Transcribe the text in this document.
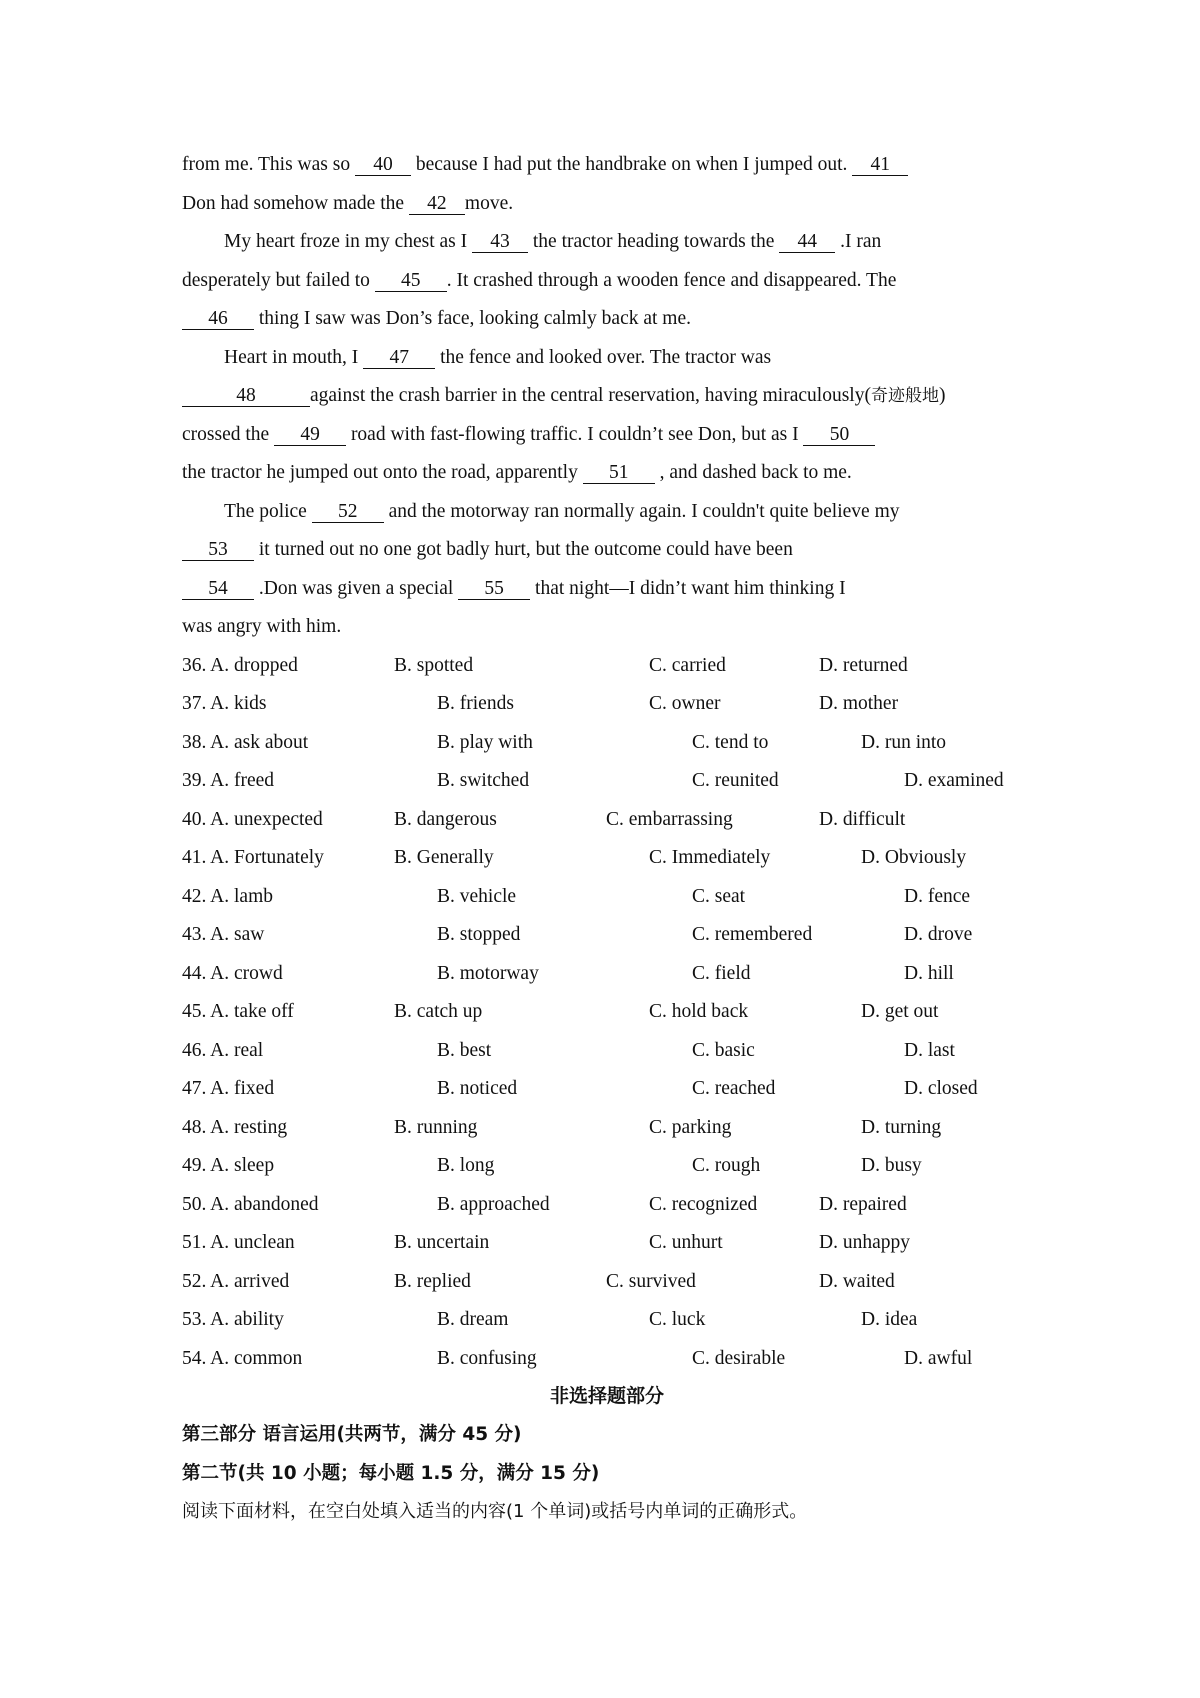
from me. This was so 40 because I had put the handbrake on when I jumped out. 41
Don had somehow made the 42 move.
My heart froze in my chest as I 43 the tractor heading towards the 44 .I ran
desperately but failed to 45 . It crashed through a wooden fence and disappeared. The
46 thing I saw was Don’s face, looking calmly back at me.
Heart in mouth, I 47 the fence and looked over. The tractor was
48	against the crash barrier in the central reservation, having miraculously(奇迹般地)
crossed the 49 road with fast-flowing traffic. I couldn’t see Don, but as I 50
the tractor he jumped out onto the road, apparently 51 , and dashed back to me.
The police 52 and the motorway ran normally again. I couldn't quite believe my
53 it turned out no one got badly hurt, but the outcome could have been
54 .Don was given a special 55 that night—I didn’t want him thinking I
was angry with him.
36. A. dropped	B. spotted	C. carried	D. returned
37. A. kids	B. friends	C. owner	D. mother
38. A. ask about	B. play with	C. tend to	D. run into
39. A. freed	B. switched	C. reunited	D. examined
40. A. unexpected	B. dangerous	C. embarrassing	D. difficult
41. A. Fortunately	B. Generally	C. Immediately	D. Obviously
42. A. lamb	B. vehicle	C. seat	D. fence
43. A. saw	B. stopped	C. remembered	D. drove
44. A. crowd	B. motorway	C. field	D. hill
45. A. take off	B. catch up	C. hold back	D. get out
46. A. real	B. best	C. basic	D. last
47. A. fixed	B. noticed	C. reached	D. closed
48. A. resting	B. running	C. parking	D. turning
49. A. sleep	B. long	C. rough	D. busy
50. A. abandoned	B. approached	C. recognized	D. repaired
51. A. unclean	B. uncertain	C. unhurt	D. unhappy
52. A. arrived	B. replied	C. survived	D. waited
53. A. ability	B. dream	C. luck	D. idea
54. A. common	B. confusing	C. desirable	D. awful
非选择题部分
第三部分 语言运用(共两节，满分 45 分)
第二节(共 10 小题；每小题 1.5 分，满分 15 分)
阅读下面材料，在空白处填入适当的内容(1 个单词)或括号内单词的正确形式。
